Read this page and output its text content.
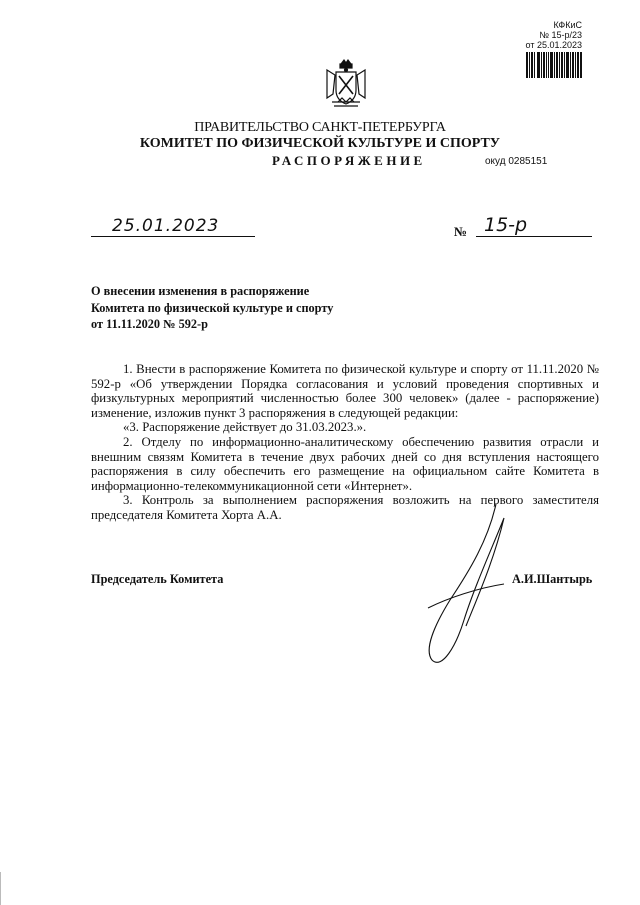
КФКиС
№ 15-р/23
от 25.01.2023
ПРАВИТЕЛЬСТВО САНКТ-ПЕТЕРБУРГА
КОМИТЕТ ПО ФИЗИЧЕСКОЙ КУЛЬТУРЕ И СПОРТУ
РАСПОРЯЖЕНИЕ	окуд 0285151
25.01.2023	№ 15-р
О внесении изменения в распоряжение
Комитета по физической культуре и спорту
от 11.11.2020 № 592-р

1. Внести в распоряжение Комитета по физической культуре и спорту от 11.11.2020 № 592-р «Об утверждении Порядка согласования и условий проведения спортивных и физкультурных мероприятий численностью более 300 человек» (далее - распоряжение) изменение, изложив пункт 3 распоряжения в следующей редакции:

«3. Распоряжение действует до 31.03.2023.».

2. Отделу по информационно-аналитическому обеспечению развития отрасли и внешним связям Комитета в течение двух рабочих дней со дня вступления настоящего распоряжения в силу обеспечить его размещение на официальном сайте Комитета в информационно-телекоммуникационной сети «Интернет».

3. Контроль за выполнением распоряжения возложить на первого заместителя председателя Комитета Хорта А.А.

Председатель Комитета	А.И.Шантырь
